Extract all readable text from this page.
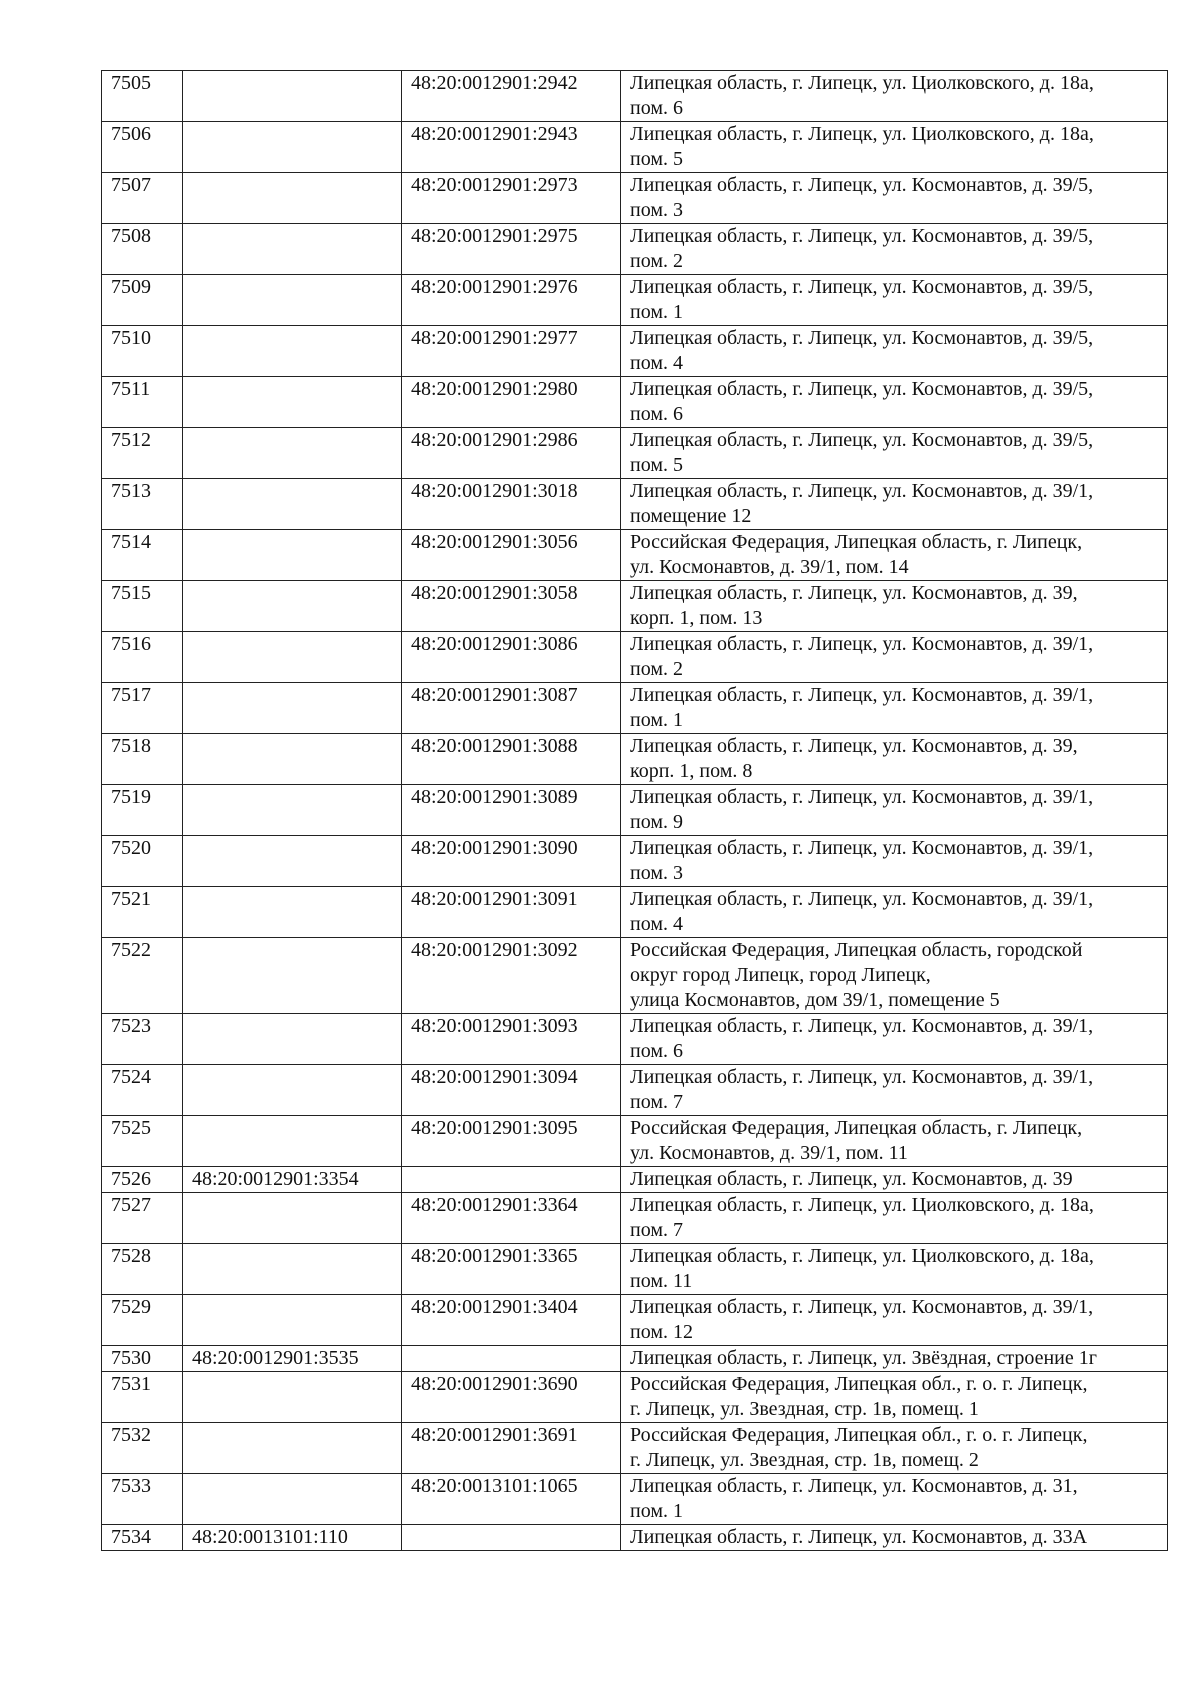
7505		48:20:0012901:2942	Липецкая область, г. Липецк, ул. Циолковского, д. 18а,
пом. 6
7506		48:20:0012901:2943	Липецкая область, г. Липецк, ул. Циолковского, д. 18а,
пом. 5
7507		48:20:0012901:2973	Липецкая область, г. Липецк, ул. Космонавтов, д. 39/5,
пом. 3
7508		48:20:0012901:2975	Липецкая область, г. Липецк, ул. Космонавтов, д. 39/5,
пом. 2
7509		48:20:0012901:2976	Липецкая область, г. Липецк, ул. Космонавтов, д. 39/5,
пом. 1
7510		48:20:0012901:2977	Липецкая область, г. Липецк, ул. Космонавтов, д. 39/5,
пом. 4
7511		48:20:0012901:2980	Липецкая область, г. Липецк, ул. Космонавтов, д. 39/5,
пом. 6
7512		48:20:0012901:2986	Липецкая область, г. Липецк, ул. Космонавтов, д. 39/5,
пом. 5
7513		48:20:0012901:3018	Липецкая область, г. Липецк, ул. Космонавтов, д. 39/1,
помещение 12
7514		48:20:0012901:3056	Российская Федерация, Липецкая область, г. Липецк,
ул. Космонавтов, д. 39/1, пом. 14
7515		48:20:0012901:3058	Липецкая область, г. Липецк, ул. Космонавтов, д. 39,
корп. 1, пом. 13
7516		48:20:0012901:3086	Липецкая область, г. Липецк, ул. Космонавтов, д. 39/1,
пом. 2
7517		48:20:0012901:3087	Липецкая область, г. Липецк, ул. Космонавтов, д. 39/1,
пом. 1
7518		48:20:0012901:3088	Липецкая область, г. Липецк, ул. Космонавтов, д. 39,
корп. 1, пом. 8
7519		48:20:0012901:3089	Липецкая область, г. Липецк, ул. Космонавтов, д. 39/1,
пом. 9
7520		48:20:0012901:3090	Липецкая область, г. Липецк, ул. Космонавтов, д. 39/1,
пом. 3
7521		48:20:0012901:3091	Липецкая область, г. Липецк, ул. Космонавтов, д. 39/1,
пом. 4
7522		48:20:0012901:3092	Российская Федерация, Липецкая область, городской
округ город Липецк, город Липецк,
улица Космонавтов, дом 39/1, помещение 5
7523		48:20:0012901:3093	Липецкая область, г. Липецк, ул. Космонавтов, д. 39/1,
пом. 6
7524		48:20:0012901:3094	Липецкая область, г. Липецк, ул. Космонавтов, д. 39/1,
пом. 7
7525		48:20:0012901:3095	Российская Федерация, Липецкая область, г. Липецк,
ул. Космонавтов, д. 39/1, пом. 11
7526	48:20:0012901:3354		Липецкая область, г. Липецк, ул. Космонавтов, д. 39
7527		48:20:0012901:3364	Липецкая область, г. Липецк, ул. Циолковского, д. 18а,
пом. 7
7528		48:20:0012901:3365	Липецкая область, г. Липецк, ул. Циолковского, д. 18а,
пом. 11
7529		48:20:0012901:3404	Липецкая область, г. Липецк, ул. Космонавтов, д. 39/1,
пом. 12
7530	48:20:0012901:3535		Липецкая область, г. Липецк, ул. Звёздная, строение 1г
7531		48:20:0012901:3690	Российская Федерация, Липецкая обл., г. о. г. Липецк,
г. Липецк, ул. Звездная, стр. 1в, помещ. 1
7532		48:20:0012901:3691	Российская Федерация, Липецкая обл., г. о. г. Липецк,
г. Липецк, ул. Звездная, стр. 1в, помещ. 2
7533		48:20:0013101:1065	Липецкая область, г. Липецк, ул. Космонавтов, д. 31,
пом. 1
7534	48:20:0013101:110		Липецкая область, г. Липецк, ул. Космонавтов, д. 33А
